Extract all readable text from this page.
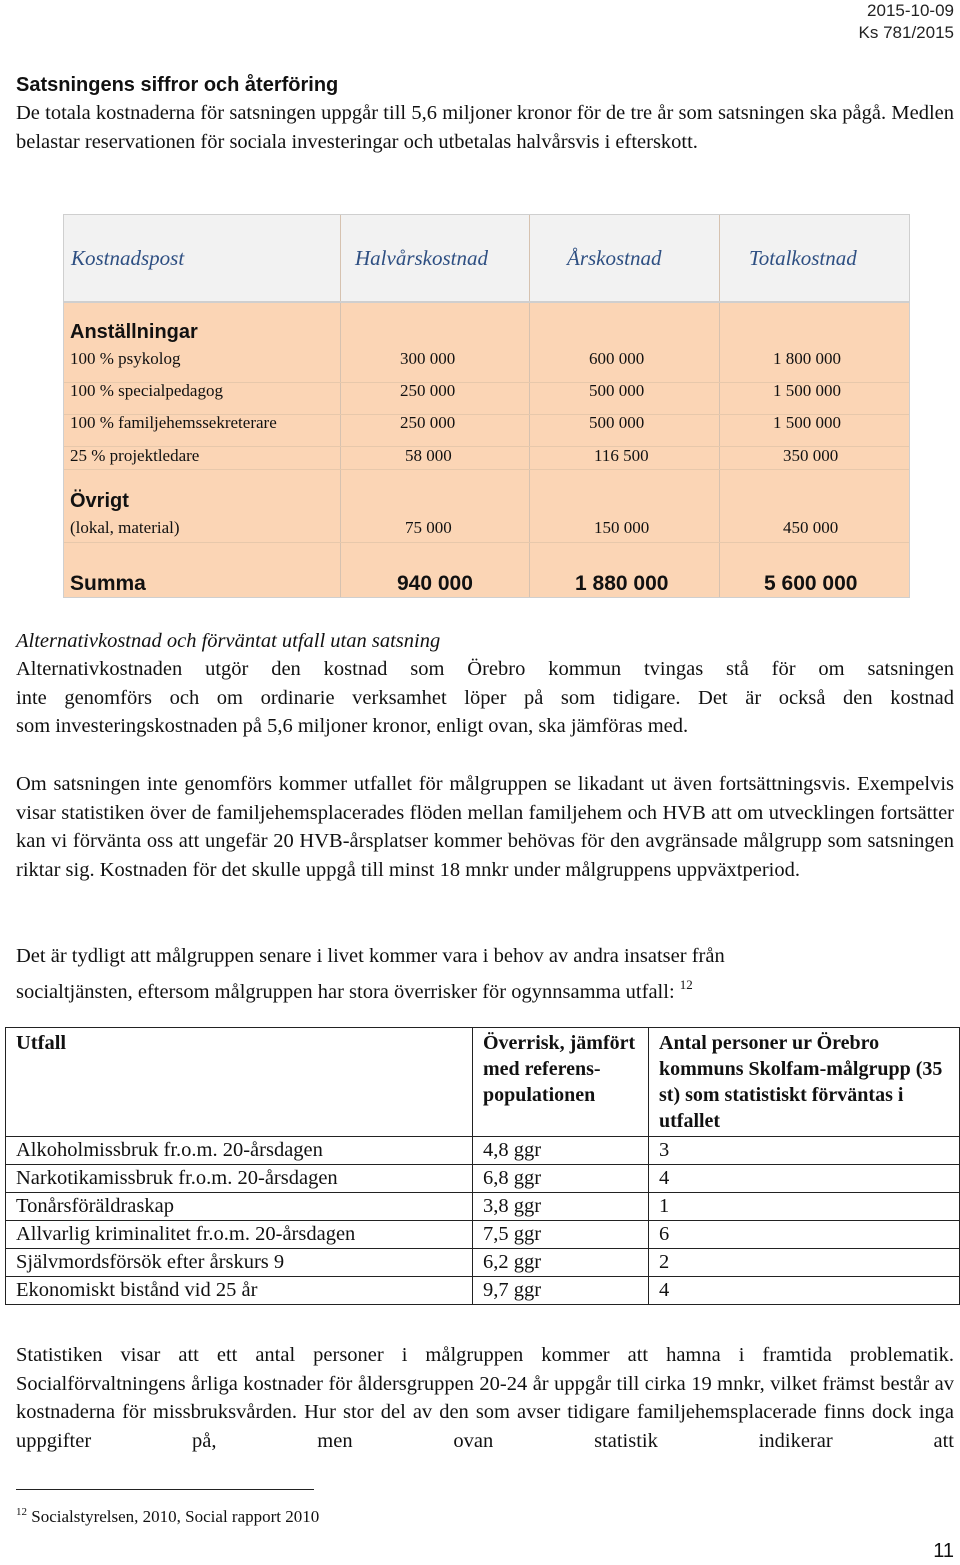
2015-10-09
Ks 781/2015
Satsningens siffror och återföring

De totala kostnaderna för satsningen uppgår till 5,6 miljoner kronor för de tre år som satsningen ska pågå. Medlen belastar reservationen för sociala investeringar och utbetalas halvårsvis i efterskott.

Kostnadspost	Halvårskostnad	Årskostnad	Totalkostnad
Anställningar
100 % psykolog	300 000	600 000	1 800 000
100 % specialpedagog	250 000	500 000	1 500 000
100 % familjehemssekreterare	250 000	500 000	1 500 000
25 % projektledare	58 000	116 500	350 000
Övrigt
(lokal, material)	75 000	150 000	450 000
Summa	940 000	1 880 000	5 600 000
Alternativkostnad och förväntat utfall utan satsning

Alternativkostnaden utgör den kostnad som Örebro kommun tvingas stå för om satsningen

inte genomförs och om ordinarie verksamhet löper på som tidigare. Det är också den kostnad

som investeringskostnaden på 5,6 miljoner kronor, enligt ovan, ska jämföras med.

Om satsningen inte genomförs kommer utfallet för målgruppen se likadant ut även fortsättningsvis. Exempelvis visar statistiken över de familjehemsplacerades flöden mellan familjehem och HVB att om utvecklingen fortsätter kan vi förvänta oss att ungefär 20 HVB-årsplatser kommer behövas för den avgränsade målgrupp som satsningen riktar sig. Kostnaden för det skulle uppgå till minst 18 mnkr under målgruppens uppväxtperiod.

Det är tydligt att målgruppen senare i livet kommer vara i behov av andra insatser från

socialtjänsten, eftersom målgruppen har stora överrisker för ogynnsamma utfall: $^{12}$

Utfall	Överrisk, jämfört med referens-populationen	Antal personer ur Örebro kommuns Skolfam-målgrupp (35 st) som statistiskt förväntas i utfallet
Alkoholmissbruk fr.o.m. 20-årsdagen	4,8 ggr	3
Narkotikamissbruk fr.o.m. 20-årsdagen	6,8 ggr	4
Tonårsföräldraskap	3,8 ggr	1
Allvarlig kriminalitet fr.o.m. 20-årsdagen	7,5 ggr	6
Självmordsförsök efter årskurs 9	6,2 ggr	2
Ekonomiskt bistånd vid 25 år	9,7 ggr	4

Statistiken visar att ett antal personer i målgruppen kommer att hamna i framtida problematik. Socialförvaltningens årliga kostnader för åldersgruppen 20-24 år uppgår till cirka 19 mnkr, vilket främst består av kostnaderna för missbruksvården. Hur stor del av den som avser tidigare familjehemsplacerade finns dock inga uppgifter på, men ovan statistik indikerar att

$^{12}$ Socialstyrelsen, 2010, Social rapport 2010
11
